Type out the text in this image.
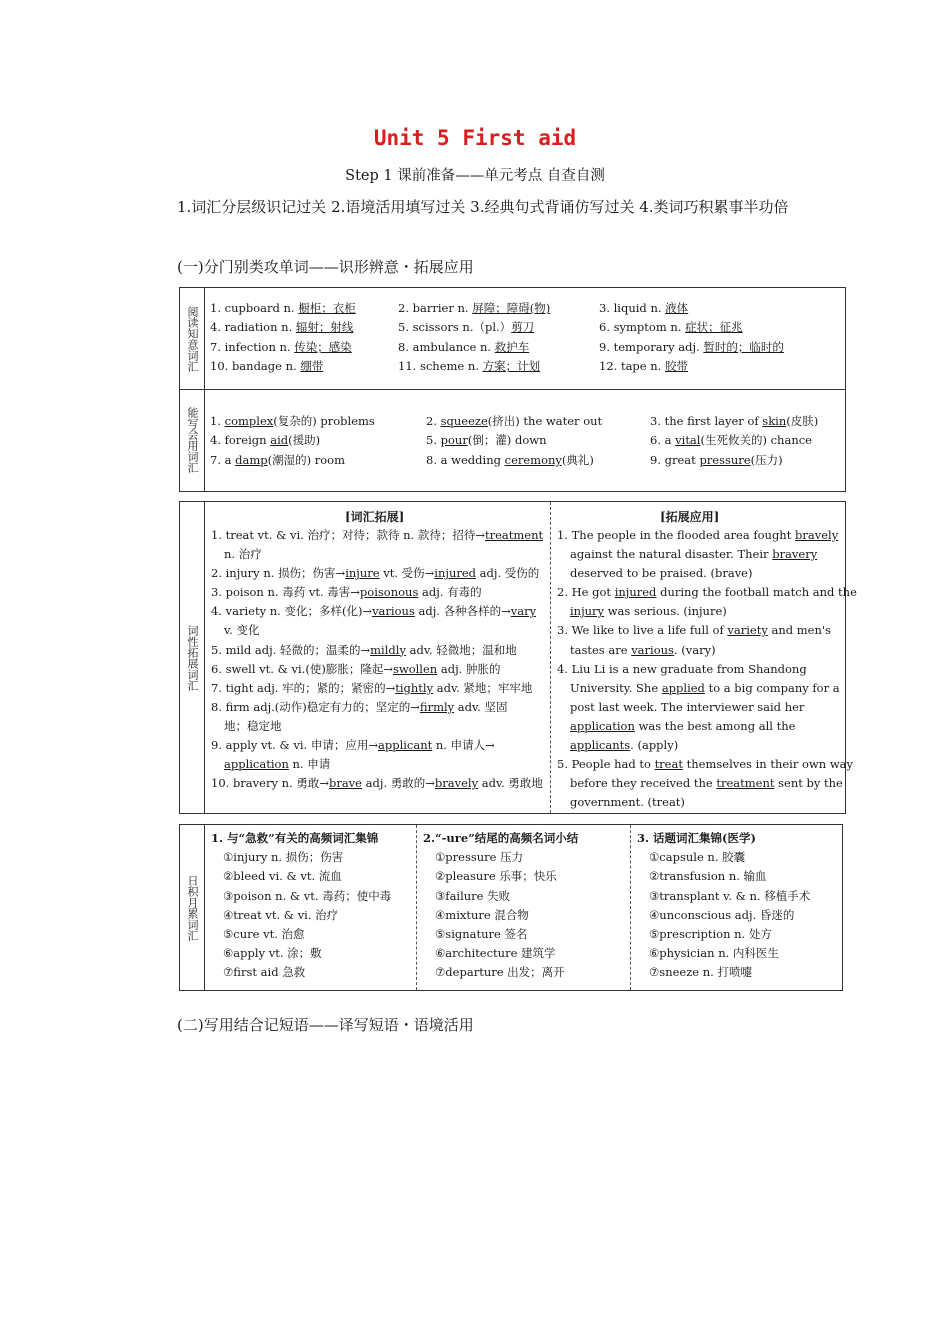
Unit 5 First aid
Step 1 课前准备——单元考点 自查自测
1.词汇分层级识记过关 2.语境活用填写过关 3.经典句式背诵仿写过关 4.类词巧积累事半功倍
(一)分门别类攻单词——识形辨意・拓展应用
阅读知意词汇
能写会用词汇
1. cupboard n. 橱柜；衣柜	2. barrier n. 屏障；障碍(物)	3. liquid n. 液体
4. radiation n. 辐射；射线	5. scissors n.（pl.）剪刀	6. symptom n. 症状；征兆
7. infection n. 传染；感染	8. ambulance n. 救护车	9. temporary adj. 暂时的；临时的
10. bandage n. 绷带	11. scheme n. 方案；计划	12. tape n. 胶带
1. complex(复杂的) problems	2. squeeze(挤出) the water out	3. the first layer of skin(皮肤)
4. foreign aid(援助)	5. pour(倒；灌) down	6. a vital(生死攸关的) chance
7. a damp(潮湿的) room	8. a wedding ceremony(典礼)	9. great pressure(压力)
词性拓展词汇
[词汇拓展]	[拓展应用]
1. treat vt. & vi. 治疗；对待；款待 n. 款待；招待→treatment
n. 治疗
2. injury n. 损伤；伤害→injure vt. 受伤→injured adj. 受伤的
3. poison n. 毒药 vt. 毒害→poisonous adj. 有毒的
4. variety n. 变化；多样(化)→various adj. 各种各样的→vary
v. 变化
5. mild adj. 轻微的；温柔的→mildly adv. 轻微地；温和地
6. swell vt. & vi.(使)膨胀；隆起→swollen adj. 肿胀的
7. tight adj. 牢的；紧的；紧密的→tightly adv. 紧地；牢牢地
8. firm adj.(动作)稳定有力的；坚定的→firmly adv. 坚固
地；稳定地
9. apply vt. & vi. 申请；应用→applicant n. 申请人→
application n. 申请
10. bravery n. 勇敢→brave adj. 勇敢的→bravely adv. 勇敢地
1. The people in the flooded area fought bravely
against the natural disaster. Their bravery
deserved to be praised. (brave)
2. He got injured during the football match and the
injury was serious. (injure)
3. We like to live a life full of variety and men's
tastes are various. (vary)
4. Liu Li is a new graduate from Shandong
University. She applied to a big company for a
post last week. The interviewer said her
application was the best among all the
applicants. (apply)
5. People had to treat themselves in their own way
before they received the treatment sent by the
government. (treat)
日积月累词汇
1. 与“急救”有关的高频词汇集锦
①injury n. 损伤；伤害
②bleed vi. & vt. 流血
③poison n. & vt. 毒药；使中毒
④treat vt. & vi. 治疗
⑤cure vt. 治愈
⑥apply vt. 涂；敷
⑦first aid 急救
2.“-ure”结尾的高频名词小结
①pressure 压力
②pleasure 乐事；快乐
③failure 失败
④mixture 混合物
⑤signature 签名
⑥architecture 建筑学
⑦departure 出发；离开
3. 话题词汇集锦(医学)
①capsule n. 胶囊
②transfusion n. 输血
③transplant v. & n. 移植手术
④unconscious adj. 昏迷的
⑤prescription n. 处方
⑥physician n. 内科医生
⑦sneeze n. 打喷嚏
(二)写用结合记短语——译写短语・语境活用
